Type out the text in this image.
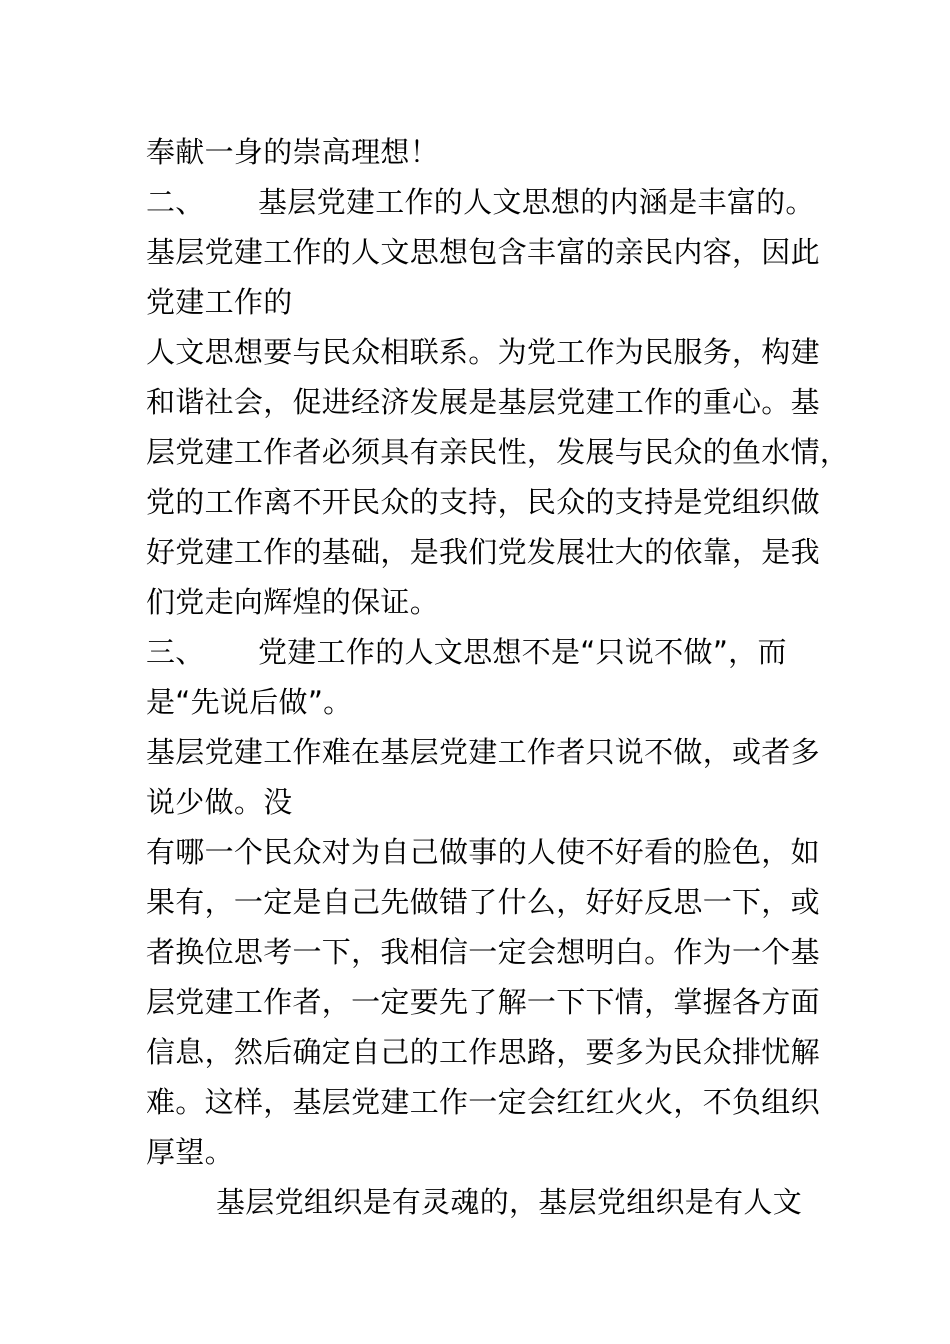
奉献一身的崇高理想！
二、 基层党建工作的人文思想的内涵是丰富的。
基层党建工作的人文思想包含丰富的亲民内容，因此
党建工作的
人文思想要与民众相联系。为党工作为民服务，构建
和谐社会，促进经济发展是基层党建工作的重心。基
层党建工作者必须具有亲民性，发展与民众的鱼水情，
党的工作离不开民众的支持，民众的支持是党组织做
好党建工作的基础，是我们党发展壮大的依靠，是我
们党走向辉煌的保证。
三、 党建工作的人文思想不是“只说不做”，而
是“先说后做”。
基层党建工作难在基层党建工作者只说不做，或者多
说少做。没
有哪一个民众对为自己做事的人使不好看的脸色，如
果有，一定是自己先做错了什么，好好反思一下，或
者换位思考一下，我相信一定会想明白。作为一个基
层党建工作者，一定要先了解一下下情，掌握各方面
信息，然后确定自己的工作思路，要多为民众排忧解
难。这样，基层党建工作一定会红红火火，不负组织
厚望。
基层党组织是有灵魂的，基层党组织是有人文
